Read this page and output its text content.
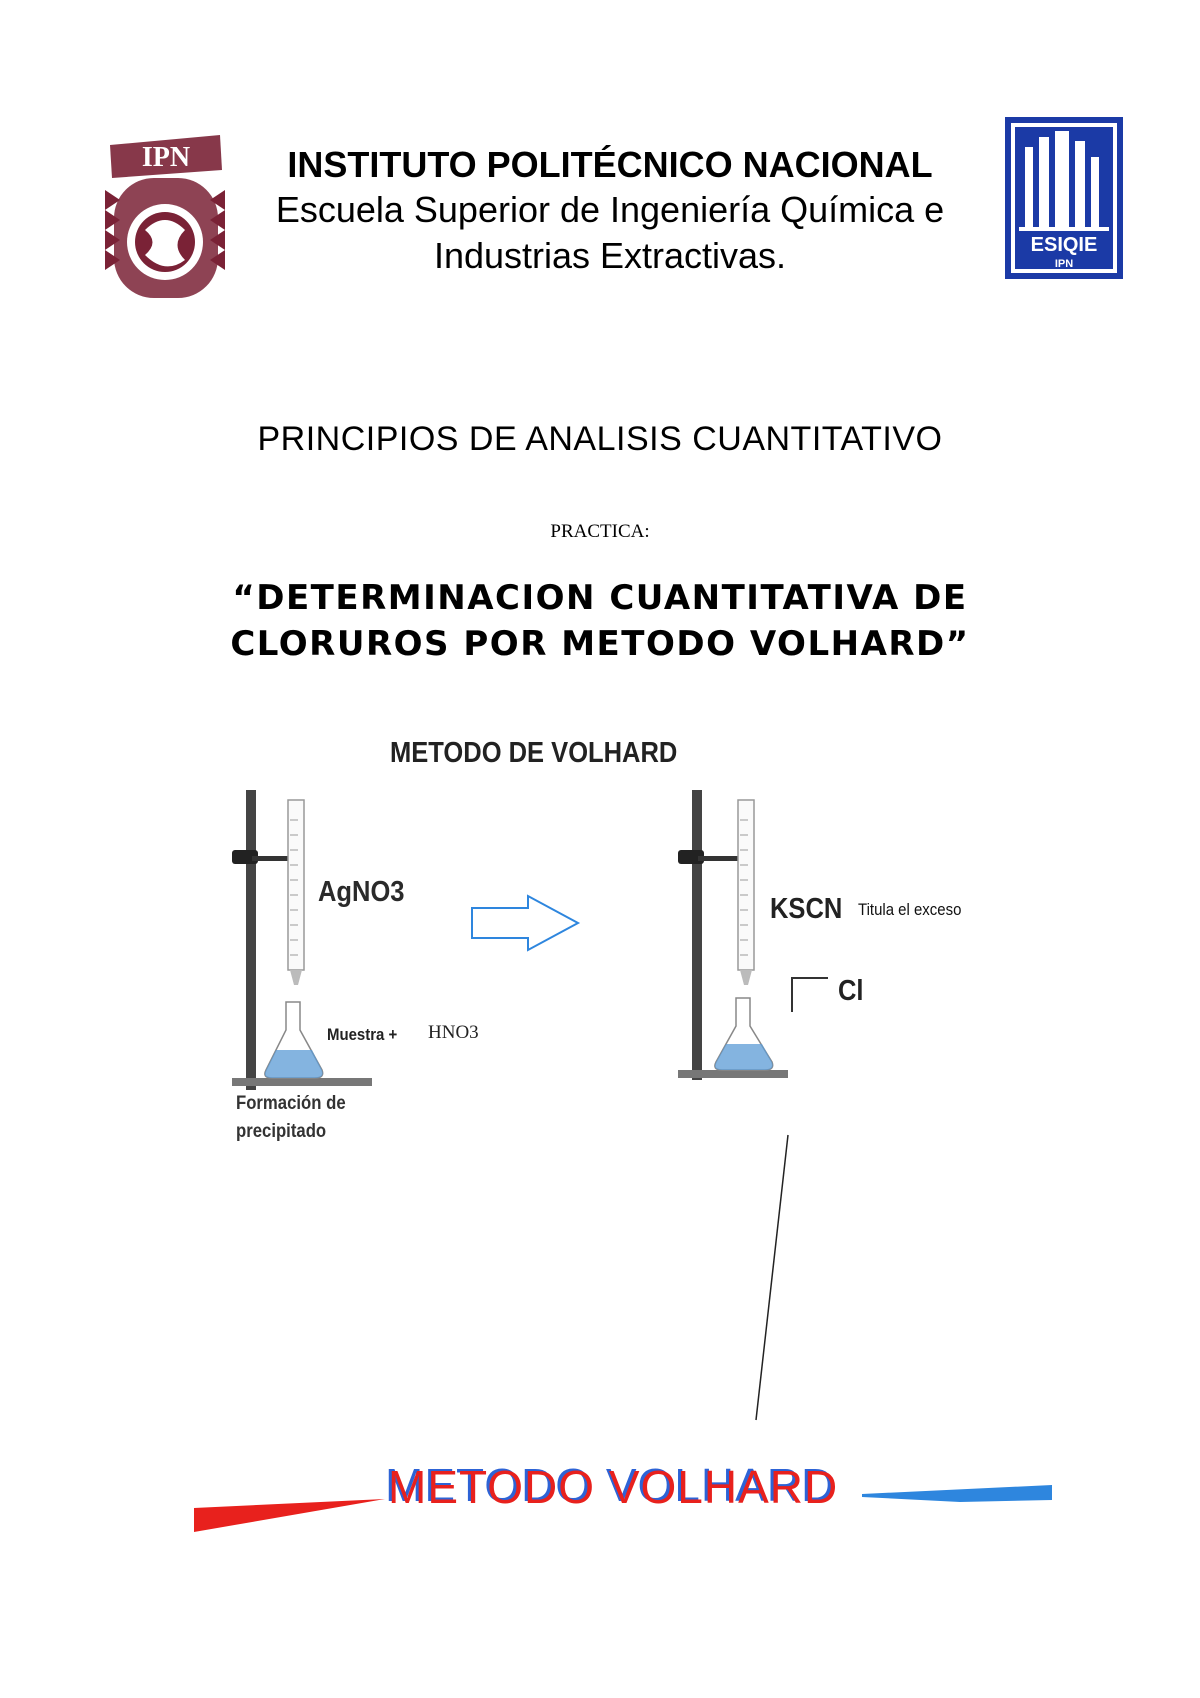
IPN
ESIQIE
IPN
INSTITUTO POLITÉCNICO NACIONAL
Escuela Superior de Ingeniería Química e
Industrias Extractivas.
PRINCIPIOS DE ANALISIS CUANTITATIVO
PRACTICA:
“DETERMINACION CUANTITATIVA DE
CLORUROS POR METODO VOLHARD”
METODO DE VOLHARD
AgNO3
KSCN Titula el exceso
Cl
Muestra + HNO3
Formación de
precipitado
METODO VOLHARD
